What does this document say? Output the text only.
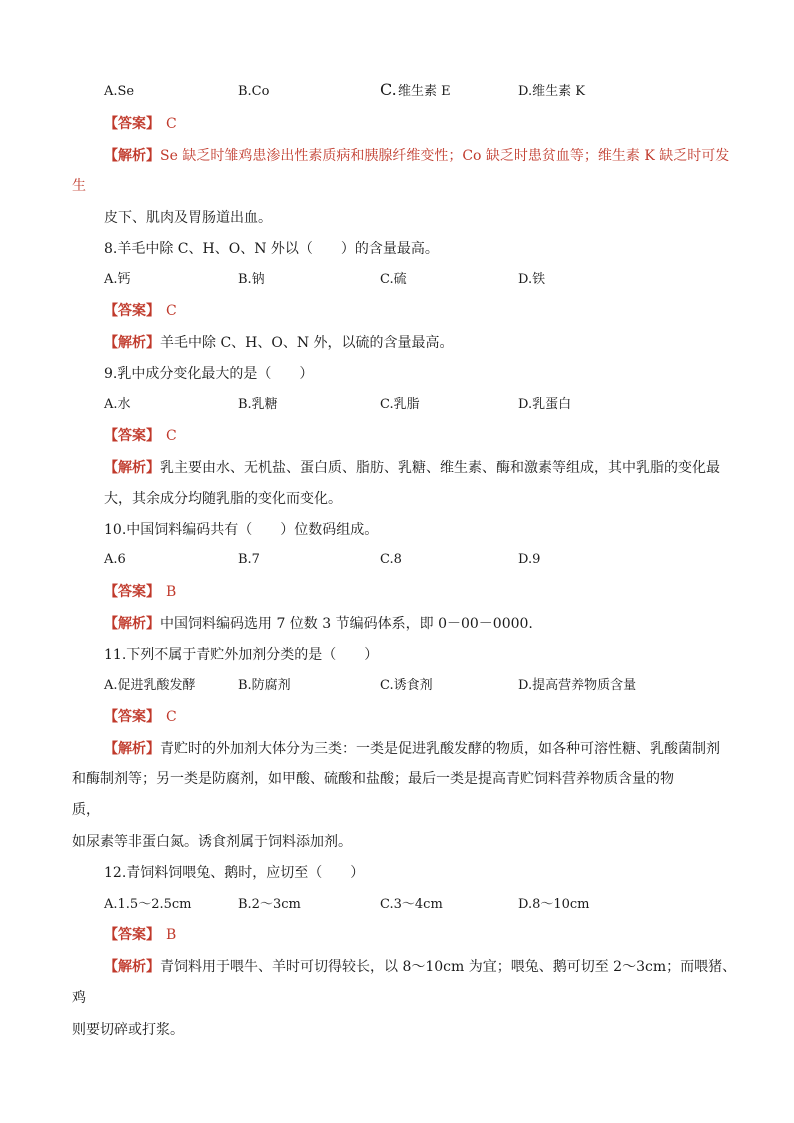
A.Se	B.Co	C. 维生素 E	D.维生素 K
【答案】 C
【解析】Se 缺乏时雏鸡患渗出性素质病和胰腺纤维变性；Co 缺乏时患贫血等；维生素 K 缺乏时可发
生
皮下、肌肉及胃肠道出血。
8.羊毛中除 C、H、O、N 外以（　　）的含量最高。
A.钙	B.钠	C.硫	D.铁
【答案】 C
【解析】羊毛中除 C、H、O、N 外，以硫的含量最高。
9.乳中成分变化最大的是（　　）
A.水	B.乳糖	C.乳脂	D.乳蛋白
【答案】 C
【解析】乳主要由水、无机盐、蛋白质、脂肪、乳糖、维生素、酶和激素等组成，其中乳脂的变化最
大，其余成分均随乳脂的变化而变化。
10.中国饲料编码共有（　　）位数码组成。
A.6	B.7	C.8	D.9
【答案】 B
【解析】中国饲料编码选用 7 位数 3 节编码体系，即 0－00－0000.
11.下列不属于青贮外加剂分类的是（　　）
A.促进乳酸发酵	B.防腐剂	C.诱食剂	D.提高营养物质含量
【答案】 C
【解析】青贮时的外加剂大体分为三类：一类是促进乳酸发酵的物质，如各种可溶性糖、乳酸菌制剂
和酶制剂等；另一类是防腐剂，如甲酸、硫酸和盐酸；最后一类是提高青贮饲料营养物质含量的物
质，
如尿素等非蛋白氮。诱食剂属于饲料添加剂。
12.青饲料饲喂兔、鹅时，应切至（　　）
A.1.5～2.5cm	B.2～3cm	C.3～4cm	D.8～10cm
【答案】 B
【解析】青饲料用于喂牛、羊时可切得较长，以 8～10cm 为宜；喂兔、鹅可切至 2～3cm；而喂猪、
鸡
则要切碎或打浆。
